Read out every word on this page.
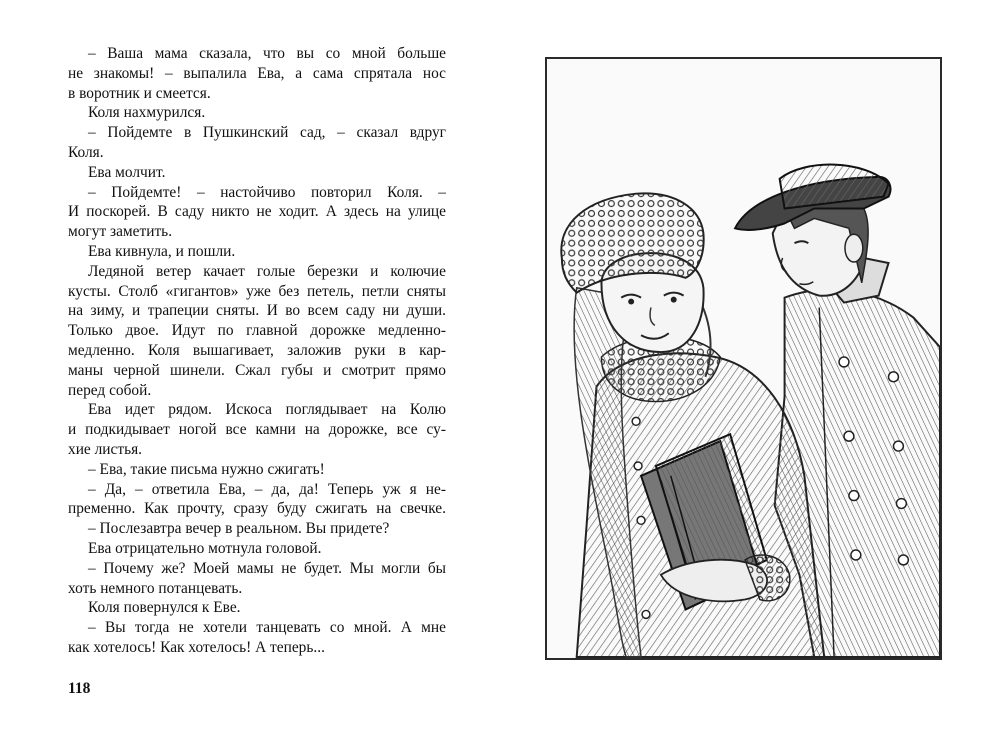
– Ваша мама сказала, что вы со мной больше
не знакомы! – выпалила Ева, а сама спрятала нос
в воротник и смеется.
Коля нахмурился.
– Пойдемте в Пушкинский сад, – сказал вдруг
Коля.
Ева молчит.
– Пойдемте! – настойчиво повторил Коля. –
И поскорей. В саду никто не ходит. А здесь на улице
могут заметить.
Ева кивнула, и пошли.
Ледяной ветер качает голые березки и колючие
кусты. Столб «гигантов» уже без петель, петли сняты
на зиму, и трапеции сняты. И во всем саду ни души.
Только двое. Идут по главной дорожке медленно-
медленно. Коля вышагивает, заложив руки в кар-
маны черной шинели. Сжал губы и смотрит прямо
перед собой.
Ева идет рядом. Искоса поглядывает на Колю
и подкидывает ногой все камни на дорожке, все су-
хие листья.
– Ева, такие письма нужно сжигать!
– Да, – ответила Ева, – да, да! Теперь уж я не-
пременно. Как прочту, сразу буду сжигать на свечке.
– Послезавтра вечер в реальном. Вы придете?
Ева отрицательно мотнула головой.
– Почему же? Моей мамы не будет. Мы могли бы
хоть немного потанцевать.
Коля повернулся к Еве.
– Вы тогда не хотели танцевать со мной. А мне
как хотелось! Как хотелось! А теперь...
118
